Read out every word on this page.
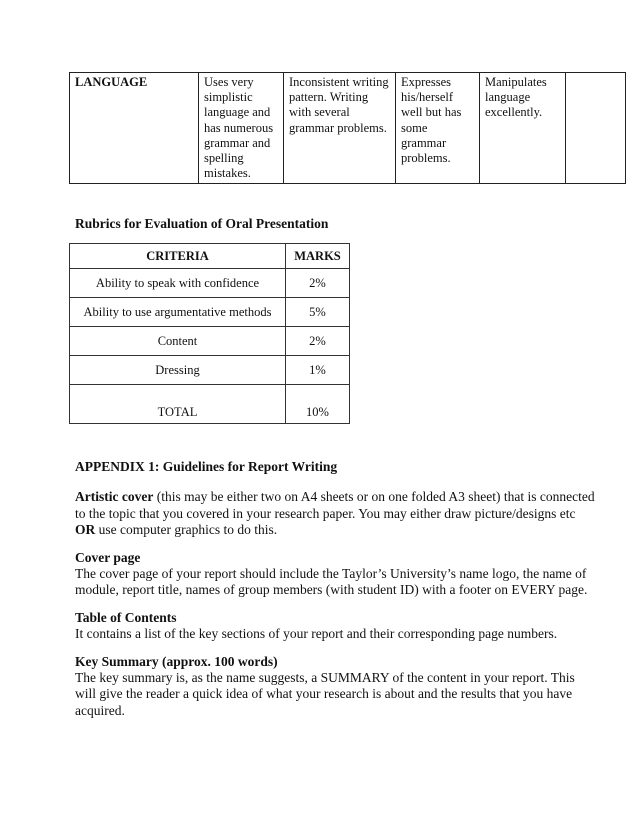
LANGUAGE	Uses very simplistic language and has numerous grammar and spelling mistakes.	Inconsistent writing pattern. Writing with several grammar problems.	Expresses his/herself well but has some grammar problems.	Manipulates language excellently.	
Rubrics for Evaluation of Oral Presentation
CRITERIA	MARKS
Ability to speak with confidence	2%
Ability to use argumentative methods	5%
Content	2%
Dressing	1%
TOTAL	10%
APPENDIX 1: Guidelines for Report Writing

Artistic cover (this may be either two on A4 sheets or on one folded A3 sheet) that is connected to the topic that you covered in your research paper. You may either draw picture/designs etc OR use computer graphics to do this.

Cover page
The cover page of your report should include the Taylor’s University’s name logo, the name of module, report title, names of group members (with student ID) with a footer on EVERY page.

Table of Contents
It contains a list of the key sections of your report and their corresponding page numbers.

Key Summary (approx. 100 words)
The key summary is, as the name suggests, a SUMMARY of the content in your report. This will give the reader a quick idea of what your research is about and the results that you have acquired.
